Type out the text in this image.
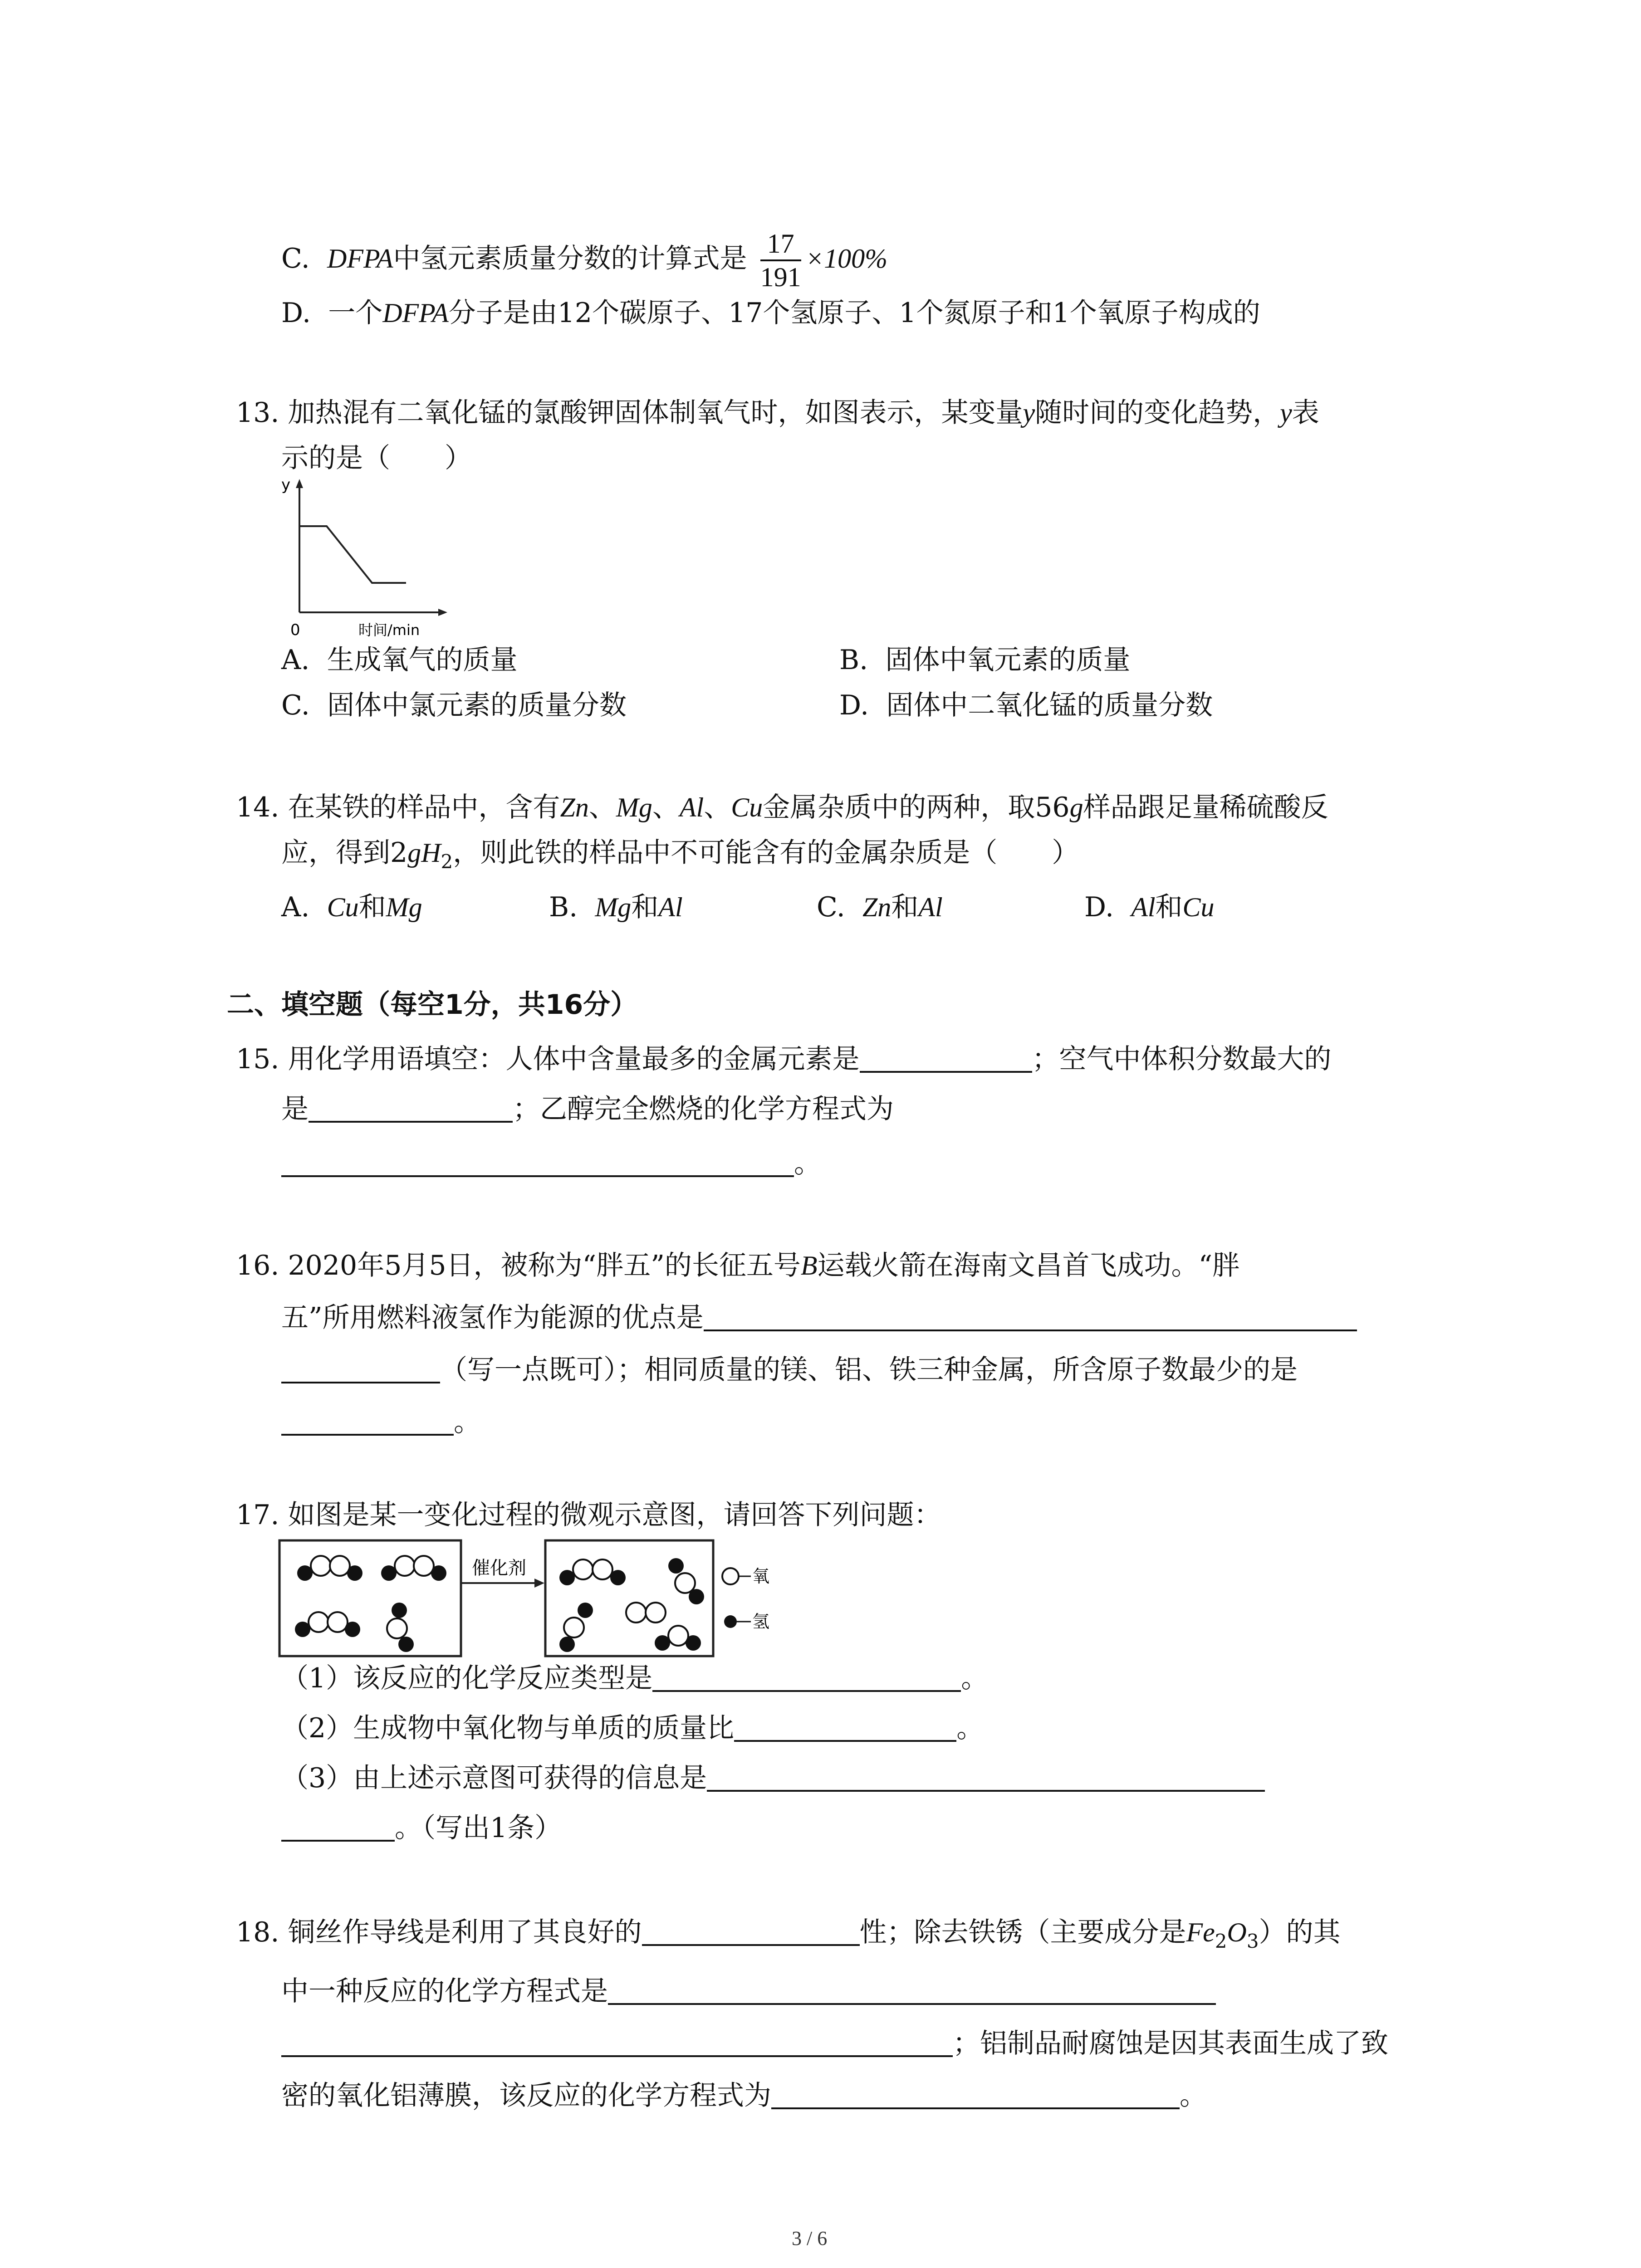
C. DFPA中氢元素质量分数的计算式是 $\frac{17}{191} \times 100\%$
D. 一个DFPA分子是由12个碳原子、17个氢原子、1个氮原子和1个氧原子构成的
13. 加热混有二氧化锰的氯酸钾固体制氧气时，如图表示，某变量y随时间的变化趋势，y表
示的是（　　）
y
0	时间/min
A. 生成氧气的质量	B. 固体中氧元素的质量
C. 固体中氯元素的质量分数	D. 固体中二氧化锰的质量分数
14. 在某铁的样品中，含有Zn、Mg、Al、Cu金属杂质中的两种，取56g样品跟足量稀硫酸反
应，得到$2gH_2$，则此铁的样品中不可能含有的金属杂质是（　　）
A. Cu和Mg	B. Mg和Al	C. Zn和Al	D. Al和Cu
二、填空题（每空1分，共16分）
15. 用化学用语填空：人体中含量最多的金属元素是	；空气中体积分数最大的
是	；乙醇完全燃烧的化学方程式为
。
16. 2020年5月5日，被称为“胖五”的长征五号B运载火箭在海南文昌首飞成功。“胖
五”所用燃料液氢作为能源的优点是
（写一点既可）；相同质量的镁、铝、铁三种金属，所含原子数最少的是
。
17. 如图是某一变化过程的微观示意图，请回答下列问题：
催化剂	氧
氢
（1）该反应的化学反应类型是	。
（2）生成物中氧化物与单质的质量比	。
（3）由上述示意图可获得的信息是
。（写出1条）
18. 铜丝作导线是利用了其良好的	性；除去铁锈（主要成分是$Fe_2O_3$）的其
中一种反应的化学方程式是
；铝制品耐腐蚀是因其表面生成了致
密的氧化铝薄膜，该反应的化学方程式为	。
3 / 6
